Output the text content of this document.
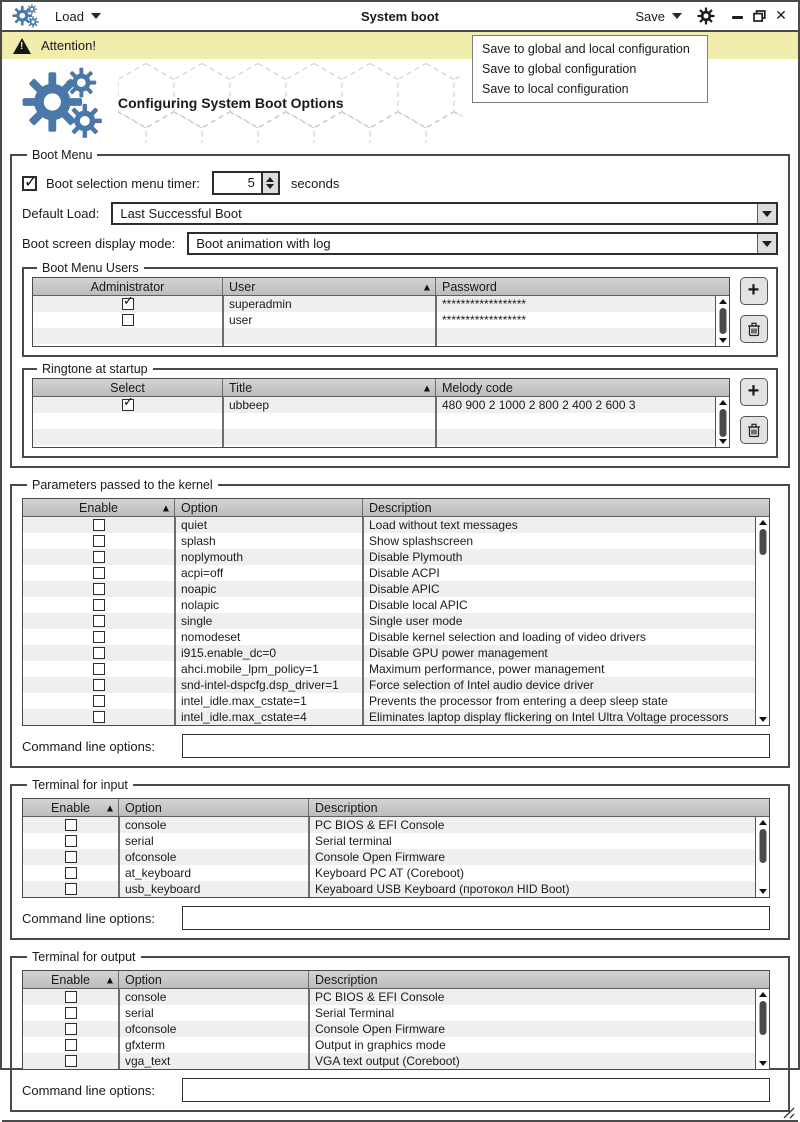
Load	System boot	Save	✕
!
Attention!	Save to global and local configuration
Save to global configuration
Save to local configuration
Configuring System Boot Options
Boot Menu
✓
Boot selection menu timer:	5	seconds
Default Load:	Last Successful Boot
Boot screen display mode:	Boot animation with log
Boot Menu Users
Administrator	User	▲ Password
✓
superadmin	******************
user	******************
+
Ringtone at startup
Select	Title	▲ Melody code
✓
ubbeep	480 900 2 1000 2 800 2 400 2 600 3
+
Parameters passed to the kernel
Enable	▲ Option	Description
quiet	Load without text messages
splash	Show splashscreen
noplymouth	Disable Plymouth
acpi=off	Disable ACPI
noapic	Disable APIC
nolapic	Disable local APIC
single	Single user mode
nomodeset	Disable kernel selection and loading of video drivers
i915.enable_dc=0	Disable GPU power management
ahci.mobile_lpm_policy=1	Maximum performance, power management
snd-intel-dspcfg.dsp_driver=1	Force selection of Intel audio device driver
intel_idle.max_cstate=1	Prevents the processor from entering a deep sleep state
intel_idle.max_cstate=4	Eliminates laptop display flickering on Intel Ultra Voltage processors
Command line options:
Terminal for input
Enable ▲ Option	Description
console	PC BIOS & EFI Console
serial	Serial terminal
ofconsole	Console Open Firmware
at_keyboard	Keyboard PC AT (Coreboot)
usb_keyboard	Keyaboard USB Keyboard (протокол HID Boot)
Command line options:
Terminal for output
Enable ▲ Option	Description
console	PC BIOS & EFI Console
serial	Serial Terminal
ofconsole	Console Open Firmware
gfxterm	Output in graphics mode
vga_text	VGA text output (Coreboot)
Command line options:
